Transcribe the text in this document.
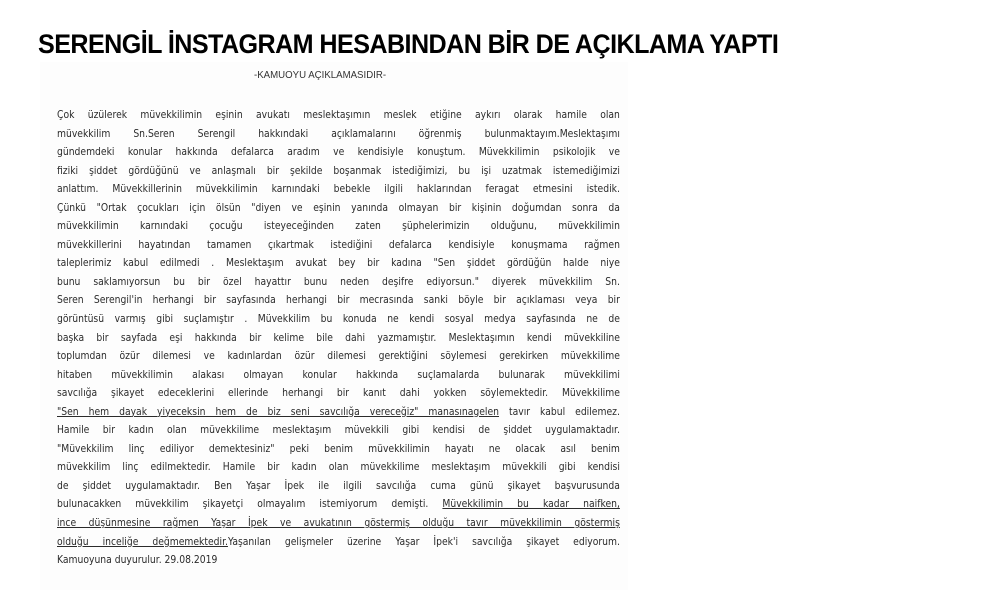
SERENGİL İNSTAGRAM HESABINDAN BİR DE AÇIKLAMA YAPTI
-KAMUOYU AÇIKLAMASIDIR-
Çok üzülerek müvekkilimin eşinin avukatı meslektaşımın meslek etiğine aykırı olarak hamile olan
müvekkilim Sn.Seren Serengil hakkındaki açıklamalarını öğrenmiş bulunmaktayım.Meslektaşımı
gündemdeki konular hakkında defalarca aradım ve kendisiyle konuştum. Müvekkilimin psikolojik ve
fiziki şiddet gördüğünü ve anlaşmalı bir şekilde boşanmak istediğimizi, bu işi uzatmak istemediğimizi
anlattım. Müvekkillerinin müvekkilimin karnındaki bebekle ilgili haklarından feragat etmesini istedik.
Çünkü "Ortak çocukları için ölsün "diyen ve eşinin yanında olmayan bir kişinin doğumdan sonra da
müvekkilimin karnındaki çocuğu isteyeceğinden zaten şüphelerimizin olduğunu, müvekkilimin
müvekkillerini hayatından tamamen çıkartmak istediğini defalarca kendisiyle konuşmama rağmen
taleplerimiz kabul edilmedi . Meslektaşım avukat bey bir kadına "Sen şiddet gördüğün halde niye
bunu saklamıyorsun bu bir özel hayattır bunu neden deşifre ediyorsun." diyerek müvekkilim Sn.
Seren Serengil'in herhangi bir sayfasında herhangi bir mecrasında sanki böyle bir açıklaması veya bir
görüntüsü varmış gibi suçlamıştır . Müvekkilim bu konuda ne kendi sosyal medya sayfasında ne de
başka bir sayfada eşi hakkında bir kelime bile dahi yazmamıştır. Meslektaşımın kendi müvekkiline
toplumdan özür dilemesi ve kadınlardan özür dilemesi gerektiğini söylemesi gerekirken müvekkilime
hitaben müvekkilimin alakası olmayan konular hakkında suçlamalarda bulunarak müvekkilimi
savcılığa şikayet edeceklerini ellerinde herhangi bir kanıt dahi yokken söylemektedir. Müvekkilime
"Sen hem dayak yiyeceksin hem de biz seni savcılığa vereceğiz" manasınagelen tavır kabul edilemez.
Hamile bir kadın olan müvekkilime meslektaşım müvekkili gibi kendisi de şiddet uygulamaktadır.
"Müvekkilim linç ediliyor demektesiniz" peki benim müvekkilimin hayatı ne olacak asıl benim
müvekkilim linç edilmektedir. Hamile bir kadın olan müvekkilime meslektaşım müvekkili gibi kendisi
de şiddet uygulamaktadır. Ben Yaşar İpek ile ilgili savcılığa cuma günü şikayet başvurusunda
bulunacakken müvekkilim şikayetçi olmayalım istemiyorum demişti. Müvekkilimin bu kadar naifken,
ince düşünmesine rağmen Yaşar İpek ve avukatının göstermiş olduğu tavır müvekkilimin göstermiş
olduğu inceliğe değmemektedir.Yaşanılan gelişmeler üzerine Yaşar İpek'i savcılığa şikayet ediyorum.
Kamuoyuna duyurulur. 29.08.2019
